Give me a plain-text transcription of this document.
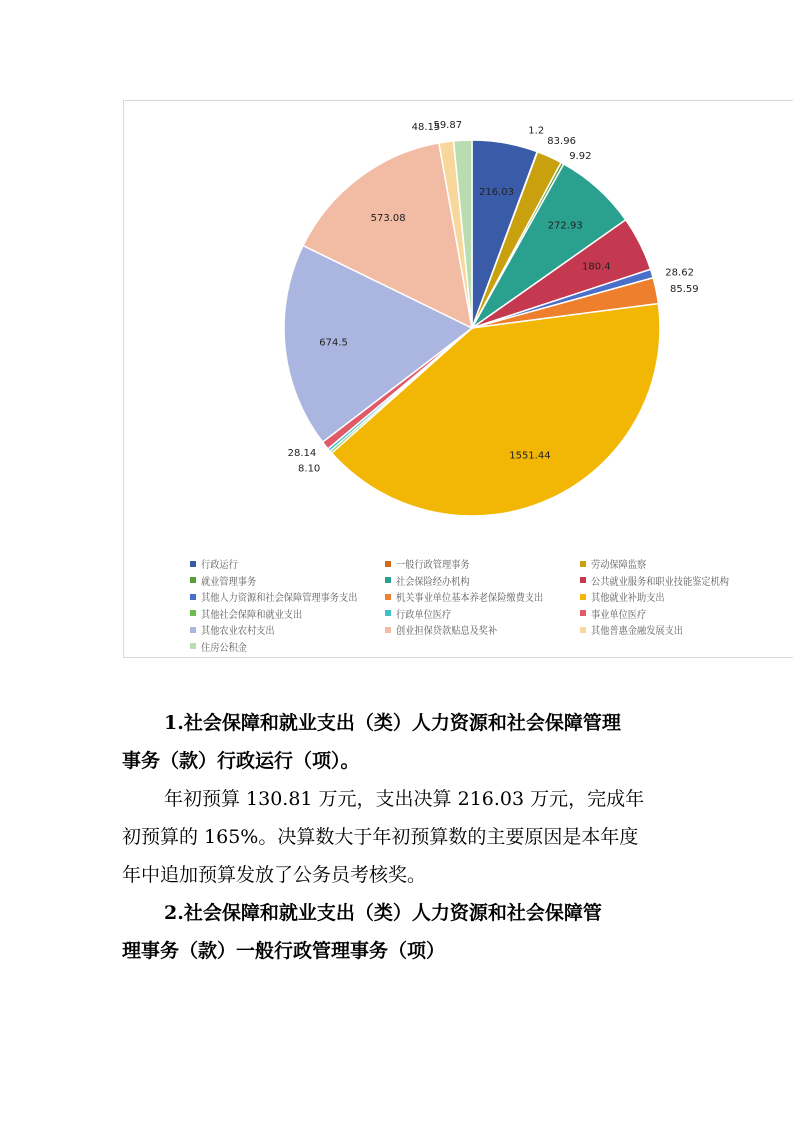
216.03
1.2
83.96
9.92
272.93
180.4
28.62
85.59
1551.44
8.10
28.14
674.5
573.08
48.15
59.87
行政运行	一般行政管理事务	劳动保障监察
就业管理事务	社会保险经办机构	公共就业服务和职业技能鉴定机构
其他人力资源和社会保障管理事务支出	机关事业单位基本养老保险缴费支出	其他就业补助支出
其他社会保障和就业支出	行政单位医疗	事业单位医疗
其他农业农村支出	创业担保贷款贴息及奖补	其他普惠金融发展支出
住房公积金
1.社会保障和就业支出（类）人力资源和社会保障管理
事务（款）行政运行（项）。
年初预算 130.81 万元，支出决算 216.03 万元，完成年
初预算的 165%。决算数大于年初预算数的主要原因是本年度
年中追加预算发放了公务员考核奖。
2.社会保障和就业支出（类）人力资源和社会保障管
理事务（款）一般行政管理事务（项）
